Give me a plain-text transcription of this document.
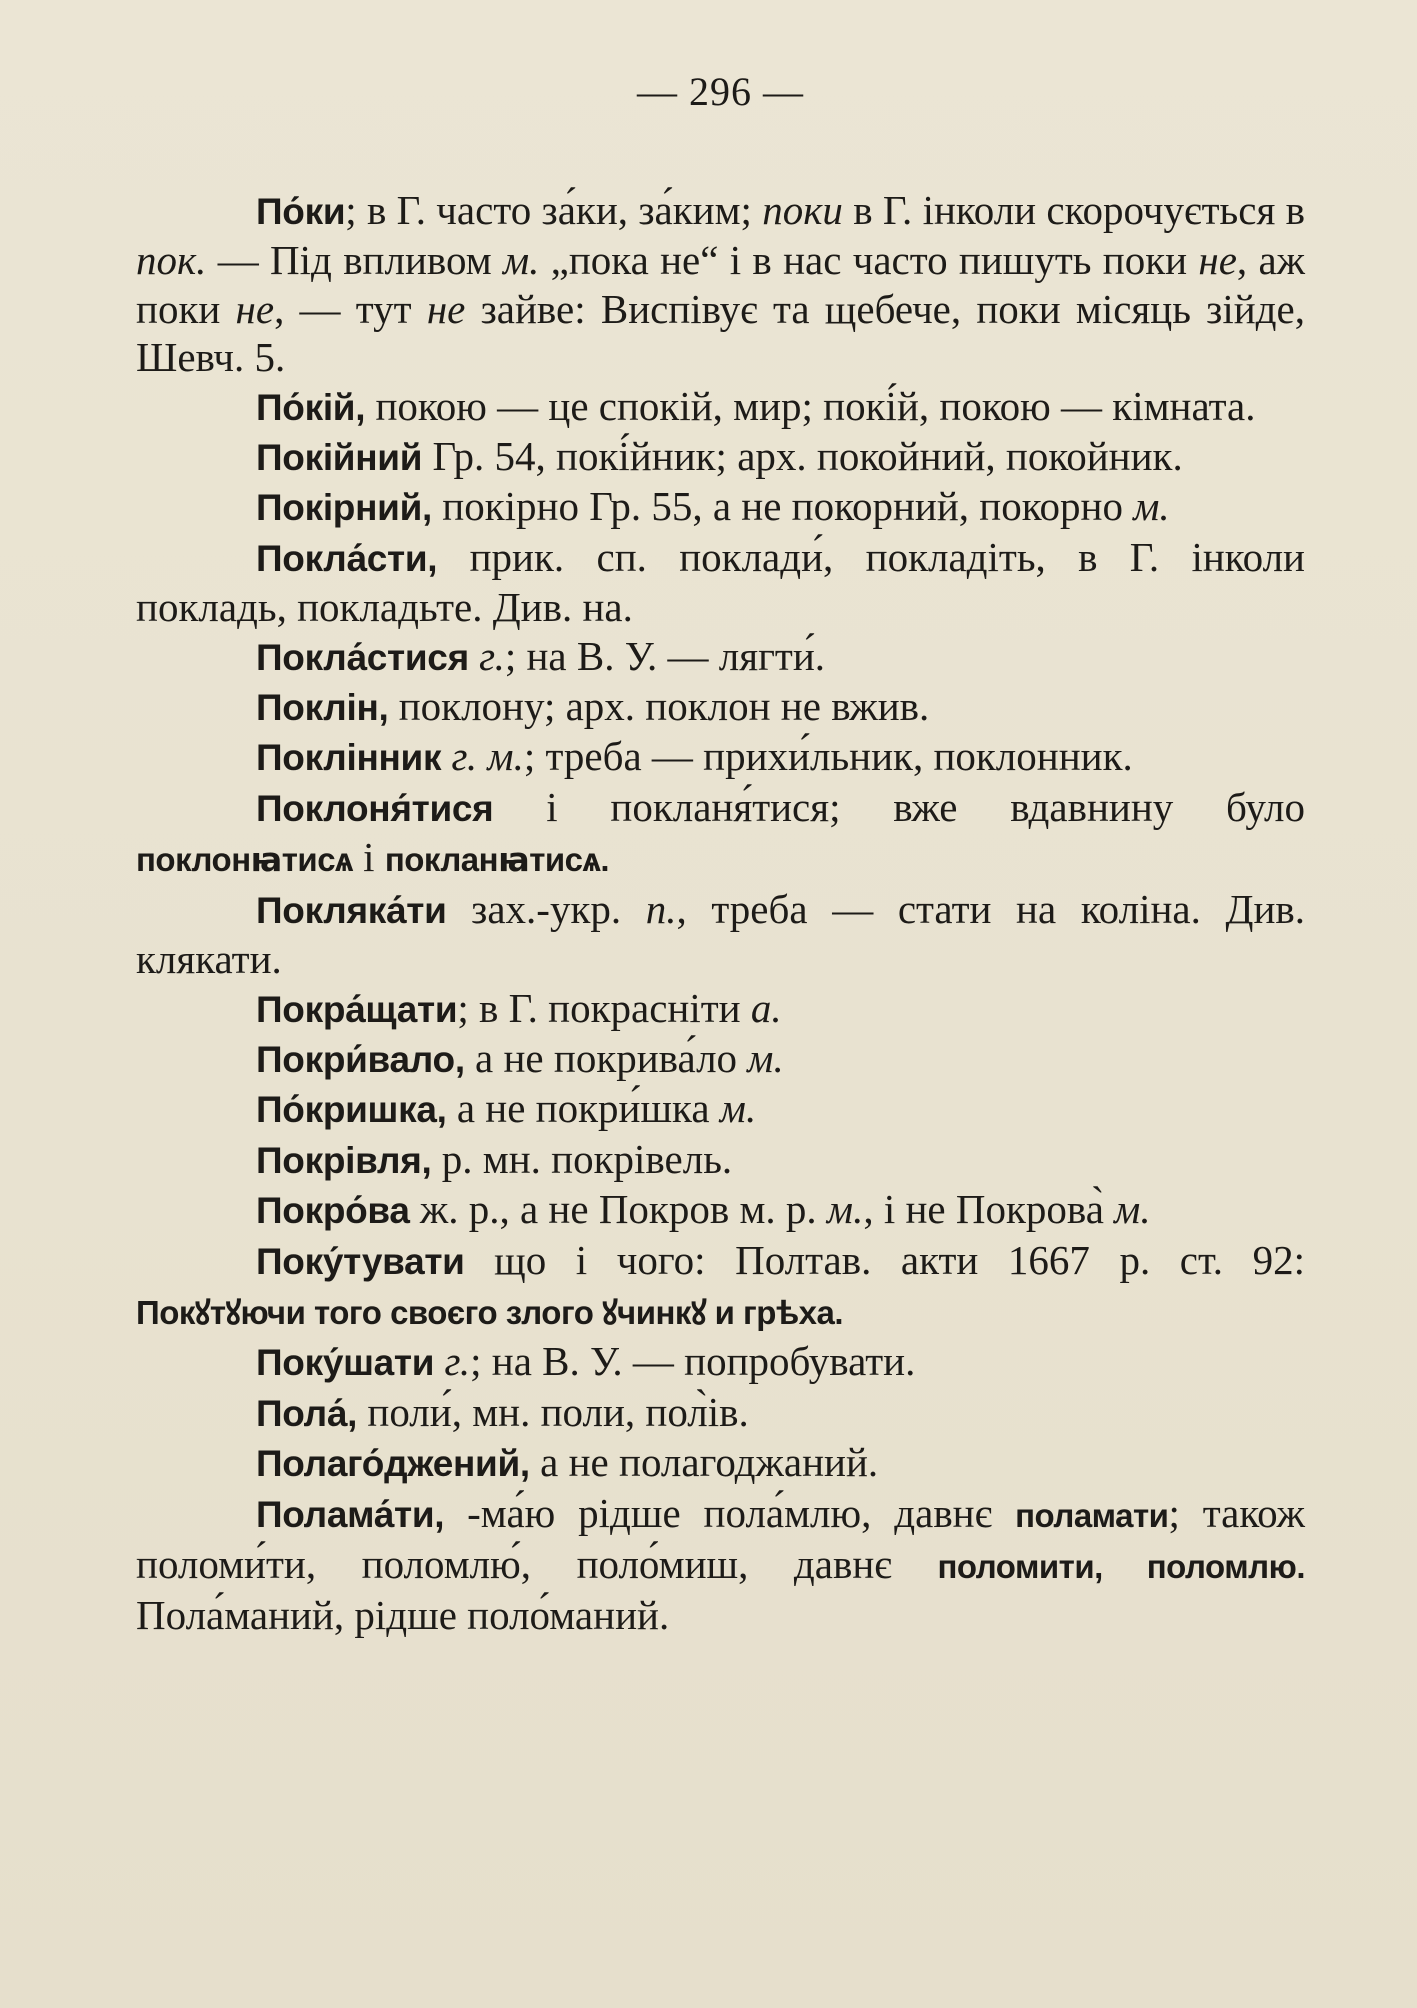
— 296 —

По́ки; в Г. часто за́ки, за́ким; поки в Г. інколи скорочується в пок. — Під впливом м. „пока не“ і в нас часто пишуть поки не, аж поки не, — тут не зайве: Виспівує та щебече, поки місяць зійде, Шевч. 5.

По́кій, покою — це спокій, мир; покі́й, покою — кімната.

Покійний Гр. 54, покі́йник; арх. покойний, покойник.

Покірний, покірно Гр. 55, а не покорний, покорно м.

Покла́сти, прик. сп. поклади́, покладіть, в Г. інколи покладь, покладьте. Див. на.

Покла́стися г.; на В. У. — лягти́.

Поклін, поклону; арх. поклон не вжив.

Поклінник г. м.; треба — прихи́льник, поклонник.

Поклоня́тися і покланя́тися; вже вдавнину було поклонꙗтисѧ і покланꙗтисѧ.

Покляка́ти зах.-укр. п., треба — стати на коліна. Див. клякати.

Покра́щати; в Г. покрасніти а.

Покри́вало, а не покрива́ло м.

По́кришка, а не покри́шка м.

Покрівля, р. мн. покрівель.

Покро́ва ж. р., а не Покров м. р. м., і не Покрова̀ м.

Поку́тувати що і чого: Полтав. акти 1667 р. ст. 92: Покꙋтꙋючи того своєго злого ꙋчинкꙋ и грѣха.

Поку́шати г.; на В. У. — попробувати.

Пола́, поли́, мн. поли, пол̀ів.

Полаго́джений, а не полагоджаний.

Полама́ти, -ма́ю рідше пола́млю, давнє поламати; також поломи́ти, поломлю́, поло́миш, давнє поломити, поломлю. Пола́маний, рідше поло́маний.
